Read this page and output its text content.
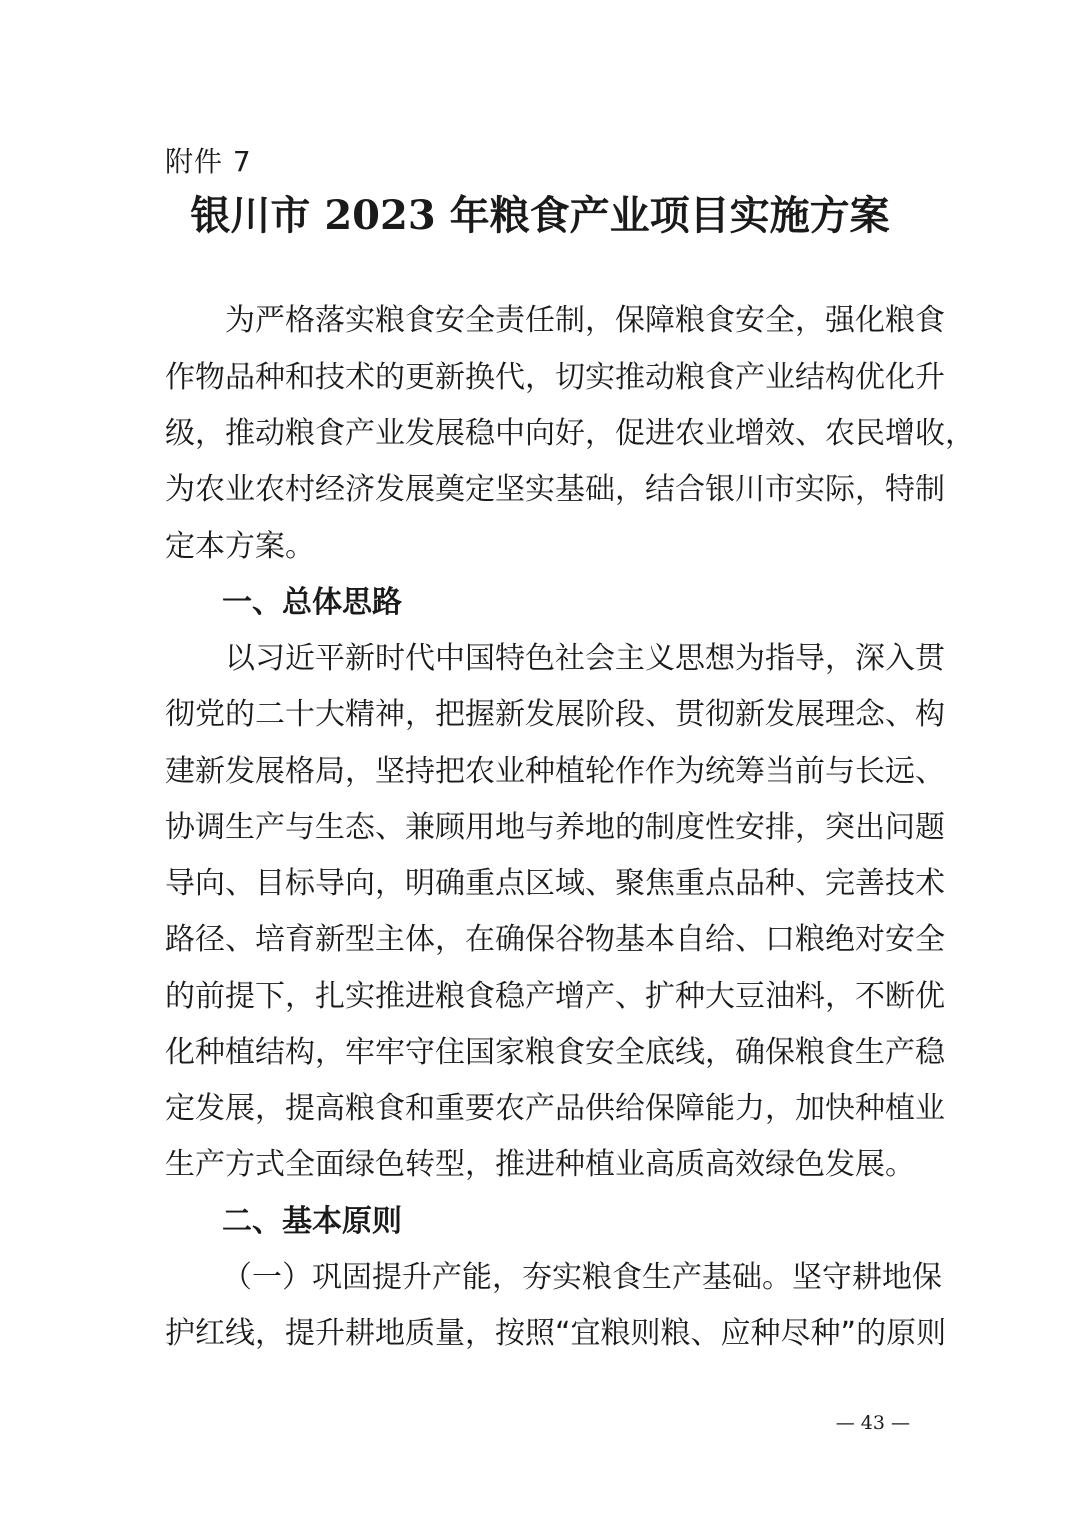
附件 7
银川市 2023 年粮食产业项目实施方案
为严格落实粮食安全责任制，保障粮食安全，强化粮食
作物品种和技术的更新换代，切实推动粮食产业结构优化升
级，推动粮食产业发展稳中向好，促进农业增效、农民增收，
为农业农村经济发展奠定坚实基础，结合银川市实际，特制
定本方案。
一、总体思路
以习近平新时代中国特色社会主义思想为指导，深入贯
彻党的二十大精神，把握新发展阶段、贯彻新发展理念、构
建新发展格局，坚持把农业种植轮作作为统筹当前与长远、
协调生产与生态、兼顾用地与养地的制度性安排，突出问题
导向、目标导向，明确重点区域、聚焦重点品种、完善技术
路径、培育新型主体，在确保谷物基本自给、口粮绝对安全
的前提下，扎实推进粮食稳产增产、扩种大豆油料，不断优
化种植结构，牢牢守住国家粮食安全底线，确保粮食生产稳
定发展，提高粮食和重要农产品供给保障能力，加快种植业
生产方式全面绿色转型，推进种植业高质高效绿色发展。
二、基本原则
（一）巩固提升产能，夯实粮食生产基础。坚守耕地保
护红线，提升耕地质量，按照“宜粮则粮、应种尽种”的原则
— 43 —
